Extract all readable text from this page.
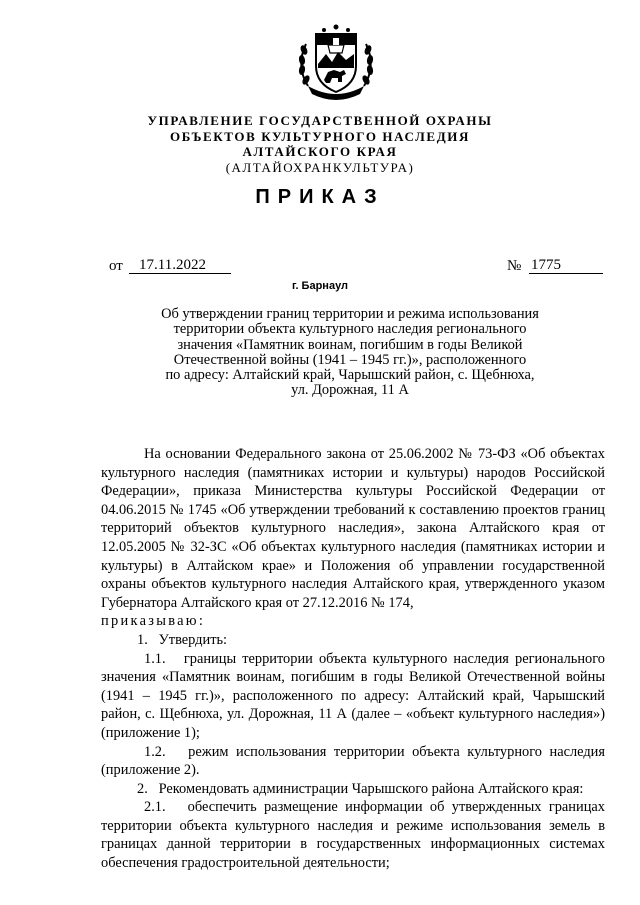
УПРАВЛЕНИЕ ГОСУДАРСТВЕННОЙ ОХРАНЫ
ОБЪЕКТОВ КУЛЬТУРНОГО НАСЛЕДИЯ
АЛТАЙСКОГО КРАЯ
(АЛТАЙОХРАНКУЛЬТУРА)
ПРИКАЗ
от	17.11.2022	№ 1775
г. Барнаул
Об утверждении границ территории и режима использования
территории объекта культурного наследия регионального
значения «Памятник воинам, погибшим в годы Великой
Отечественной войны (1941 – 1945 гг.)», расположенного
по адресу: Алтайский край, Чарышский район, с. Щебнюха,
ул. Дорожная, 11 А

На основании Федерального закона от 25.06.2002 № 73-ФЗ «Об объектах культурного наследия (памятниках истории и культуры) народов Российской Федерации», приказа Министерства культуры Российской Федерации от 04.06.2015 № 1745 «Об утверждении требований к составлению проектов границ территорий объектов культурного наследия», закона Алтайского края от 12.05.2005 № 32-ЗС «Об объектах культурного наследия (памятниках истории и культуры) в Алтайском крае» и Положения об управлении государственной охраны объектов культурного наследия Алтайского края, утвержденного указом Губернатора Алтайского края от 27.12.2016 № 174,

приказываю:

1.   Утвердить:

1.1.   границы территории объекта культурного наследия регионального значения «Памятник воинам, погибшим в годы Великой Отечественной войны (1941 – 1945 гг.)», расположенного по адресу: Алтайский край, Чарышский район, с. Щебнюха, ул. Дорожная, 11 А (далее – «объект культурного наследия») (приложение 1);

1.2.   режим использования территории объекта культурного наследия (приложение 2).

2.   Рекомендовать администрации Чарышского района Алтайского края:

2.1.   обеспечить размещение информации об утвержденных границах территории объекта культурного наследия и режиме использования земель в границах данной территории в государственных информационных системах обеспечения градостроительной деятельности;
